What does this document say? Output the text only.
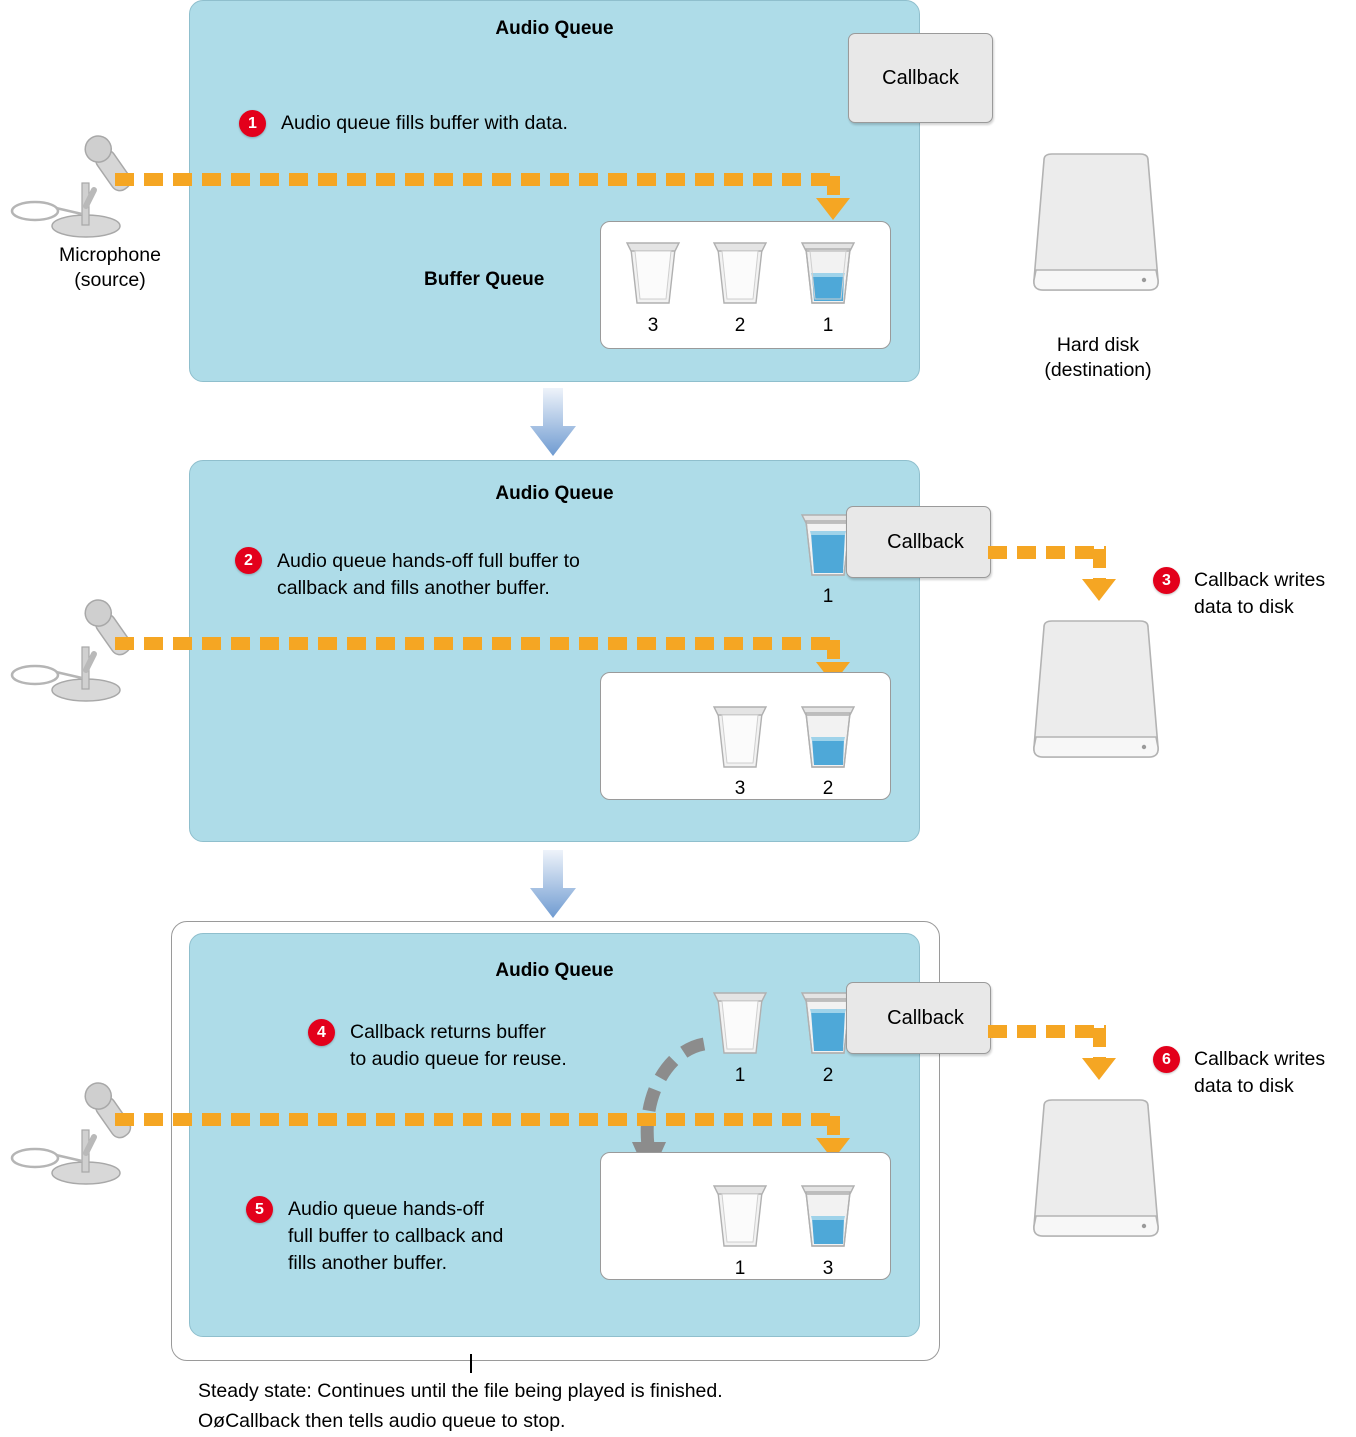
Audio Queue
Callback
1	Audio queue fills buffer with data.
Microphone
(source)	Buffer Queue
3	2	1
Hard disk
(destination)
Audio Queue
1
Callback
2	Audio queue hands-off full buffer to
callback and fills another buffer.	3	Callback writes
data to disk
3	2
Audio Queue
1	2
Callback
6	Callback writes
data to disk
4	Callback returns buffer
to audio queue for reuse.
1	3
5	Audio queue hands-off
full buffer to callback and
fills another buffer.
Steady state: Continues until the file being played is finished.
OøCallback then tells audio queue to stop.
